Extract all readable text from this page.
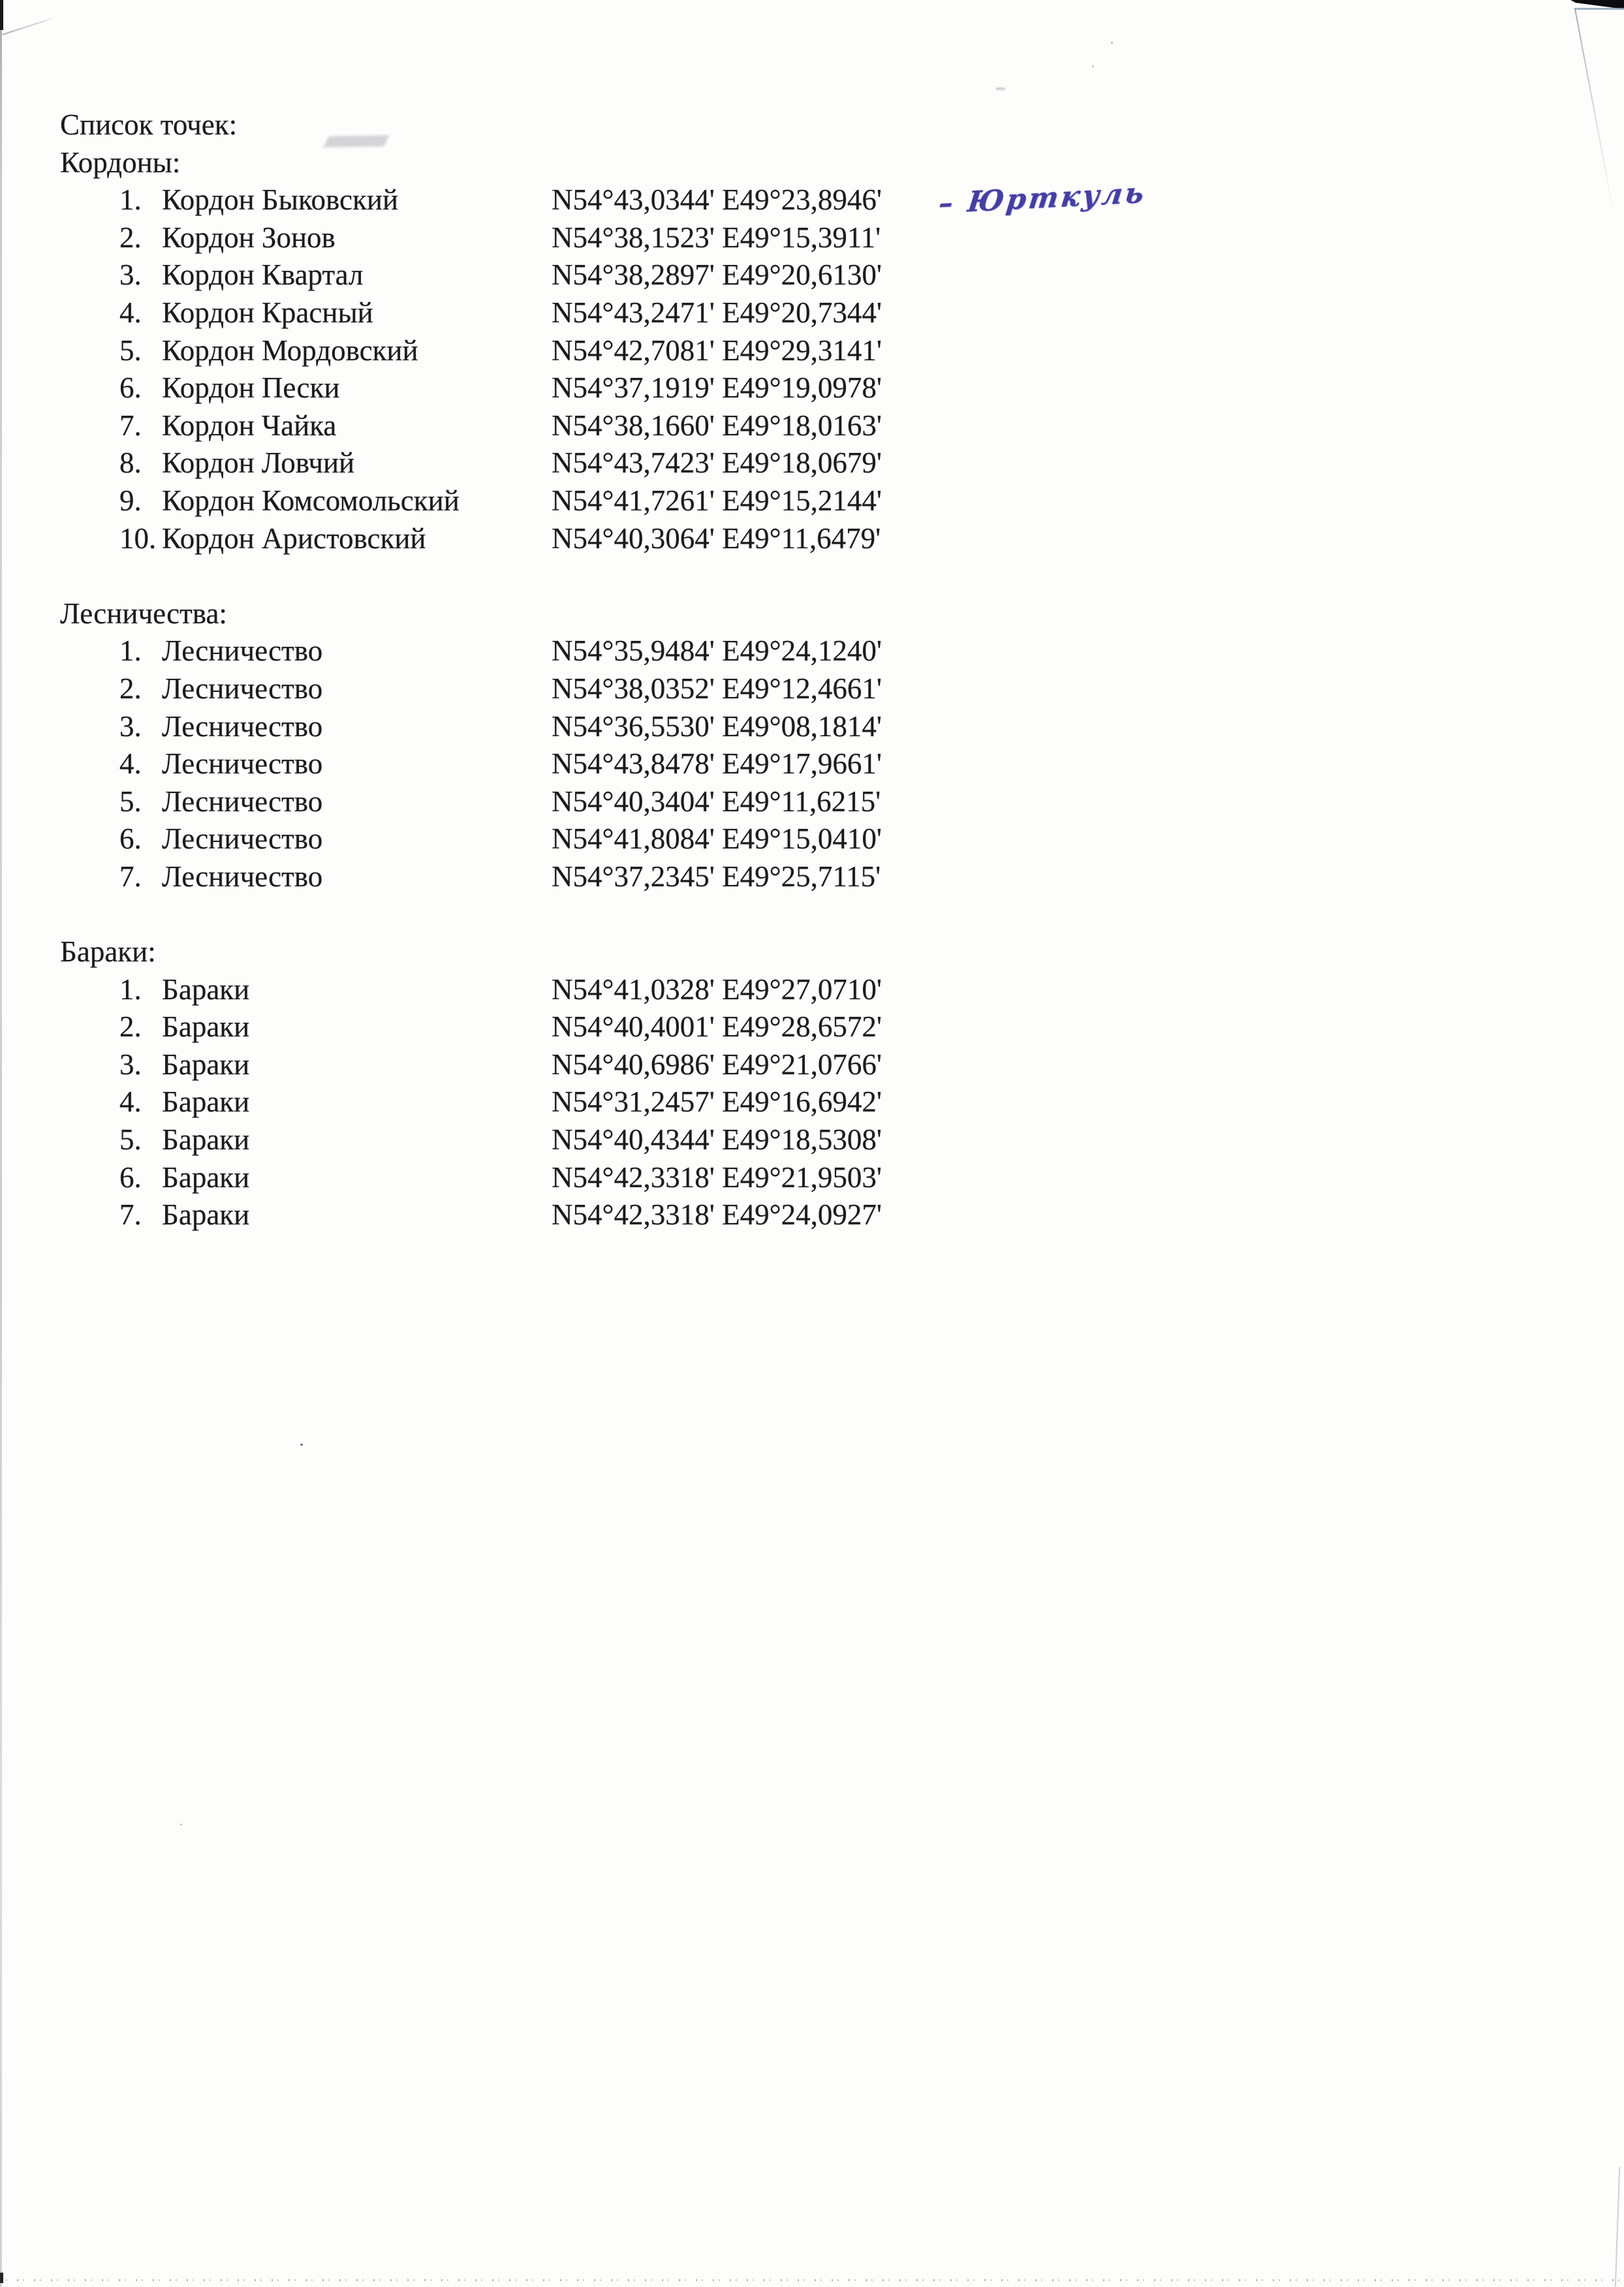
Список точек:
Кордоны:
1. Кордон Быковский	N54°43,0344' E49°23,8946'
2. Кордон Зонов	N54°38,1523' E49°15,3911'
3. Кордон Квартал	N54°38,2897' E49°20,6130'
4. Кордон Красный	N54°43,2471' E49°20,7344'
5. Кордон Мордовский	N54°42,7081' E49°29,3141'
6. Кордон Пески	N54°37,1919' E49°19,0978'
7. Кордон Чайка	N54°38,1660' E49°18,0163'
8. Кордон Ловчий	N54°43,7423' E49°18,0679'
9. Кордон Комсомольский	N54°41,7261' E49°15,2144'
10. Кордон Аристовский	N54°40,3064' E49°11,6479'
Лесничества:
1. Лесничество	N54°35,9484' E49°24,1240'
2. Лесничество	N54°38,0352' E49°12,4661'
3. Лесничество	N54°36,5530' E49°08,1814'
4. Лесничество	N54°43,8478' E49°17,9661'
5. Лесничество	N54°40,3404' E49°11,6215'
6. Лесничество	N54°41,8084' E49°15,0410'
7. Лесничество	N54°37,2345' E49°25,7115'
Бараки:
1. Бараки	N54°41,0328' E49°27,0710'
2. Бараки	N54°40,4001' E49°28,6572'
3. Бараки	N54°40,6986' E49°21,0766'
4. Бараки	N54°31,2457' E49°16,6942'
5. Бараки	N54°40,4344' E49°18,5308'
6. Бараки	N54°42,3318' E49°21,9503'
7. Бараки	N54°42,3318' E49°24,0927'
– Юрткуль
